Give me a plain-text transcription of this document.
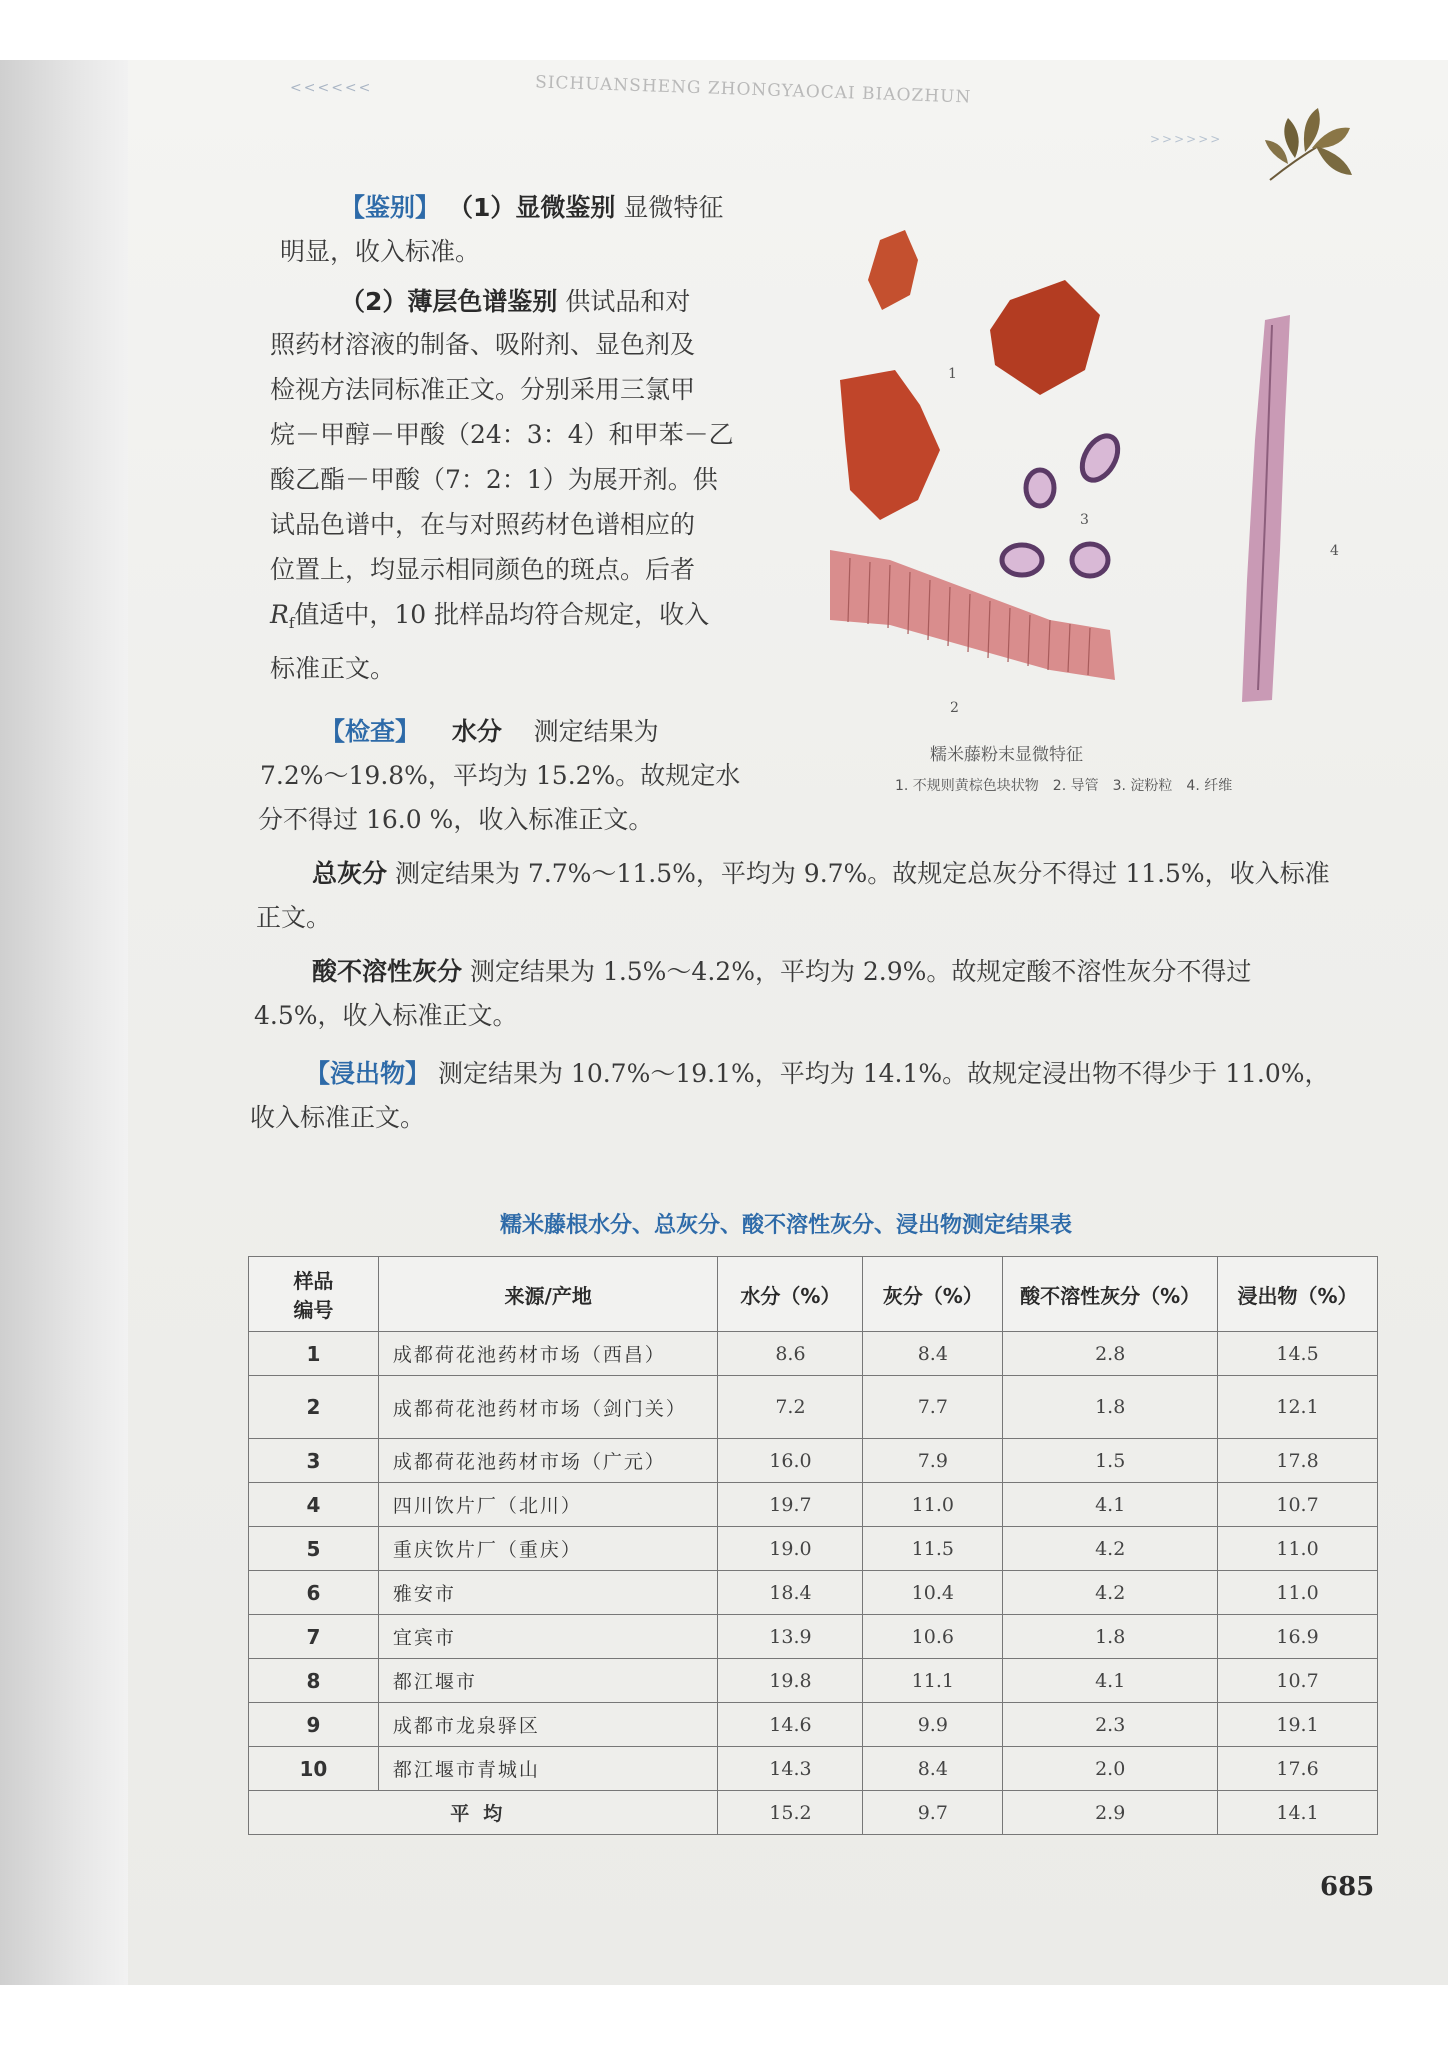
<<<<<<	SICHUANSHENG ZHONGYAOCAI BIAOZHUN
>>>>>>
【鉴别】 （1）显微鉴别 显微特征
明显，收入标准。
（2）薄层色谱鉴别 供试品和对
照药材溶液的制备、吸附剂、显色剂及
检视方法同标准正文。分别采用三氯甲
烷－甲醇－甲酸（24：3：4）和甲苯－乙
酸乙酯－甲酸（7：2：1）为展开剂。供
试品色谱中，在与对照药材色谱相应的
位置上，均显示相同颜色的斑点。后者
$R_f$值适中，10 批样品均符合规定，收入
标准正文。
【检查】 水分 测定结果为
7.2%～19.8%，平均为 15.2%。故规定水
分不得过 16.0 %，收入标准正文。
总灰分 测定结果为 7.7%～11.5%，平均为 9.7%。故规定总灰分不得过 11.5%，收入标准
正文。
酸不溶性灰分 测定结果为 1.5%～4.2%，平均为 2.9%。故规定酸不溶性灰分不得过
4.5%，收入标准正文。
【浸出物】 测定结果为 10.7%～19.1%，平均为 14.1%。故规定浸出物不得少于 11.0%，
收入标准正文。
1
2
3
4
糯米藤粉末显微特征
1. 不规则黄棕色块状物　2. 导管　3. 淀粉粒　4. 纤维
糯米藤根水分、总灰分、酸不溶性灰分、浸出物测定结果表
样品
编号	来源/产地	水分（%）	灰分（%）	酸不溶性灰分（%）	浸出物（%）
1	成都荷花池药材市场（西昌）	8.6	8.4	2.8	14.5
2	成都荷花池药材市场（剑门关）	7.2	7.7	1.8	12.1
3	成都荷花池药材市场（广元）	16.0	7.9	1.5	17.8
4	四川饮片厂（北川）	19.7	11.0	4.1	10.7
5	重庆饮片厂（重庆）	19.0	11.5	4.2	11.0
6	雅安市	18.4	10.4	4.2	11.0
7	宜宾市	13.9	10.6	1.8	16.9
8	都江堰市	19.8	11.1	4.1	10.7
9	成都市龙泉驿区	14.6	9.9	2.3	19.1
10	都江堰市青城山	14.3	8.4	2.0	17.6
平均		15.2	9.7	2.9	14.1
685
